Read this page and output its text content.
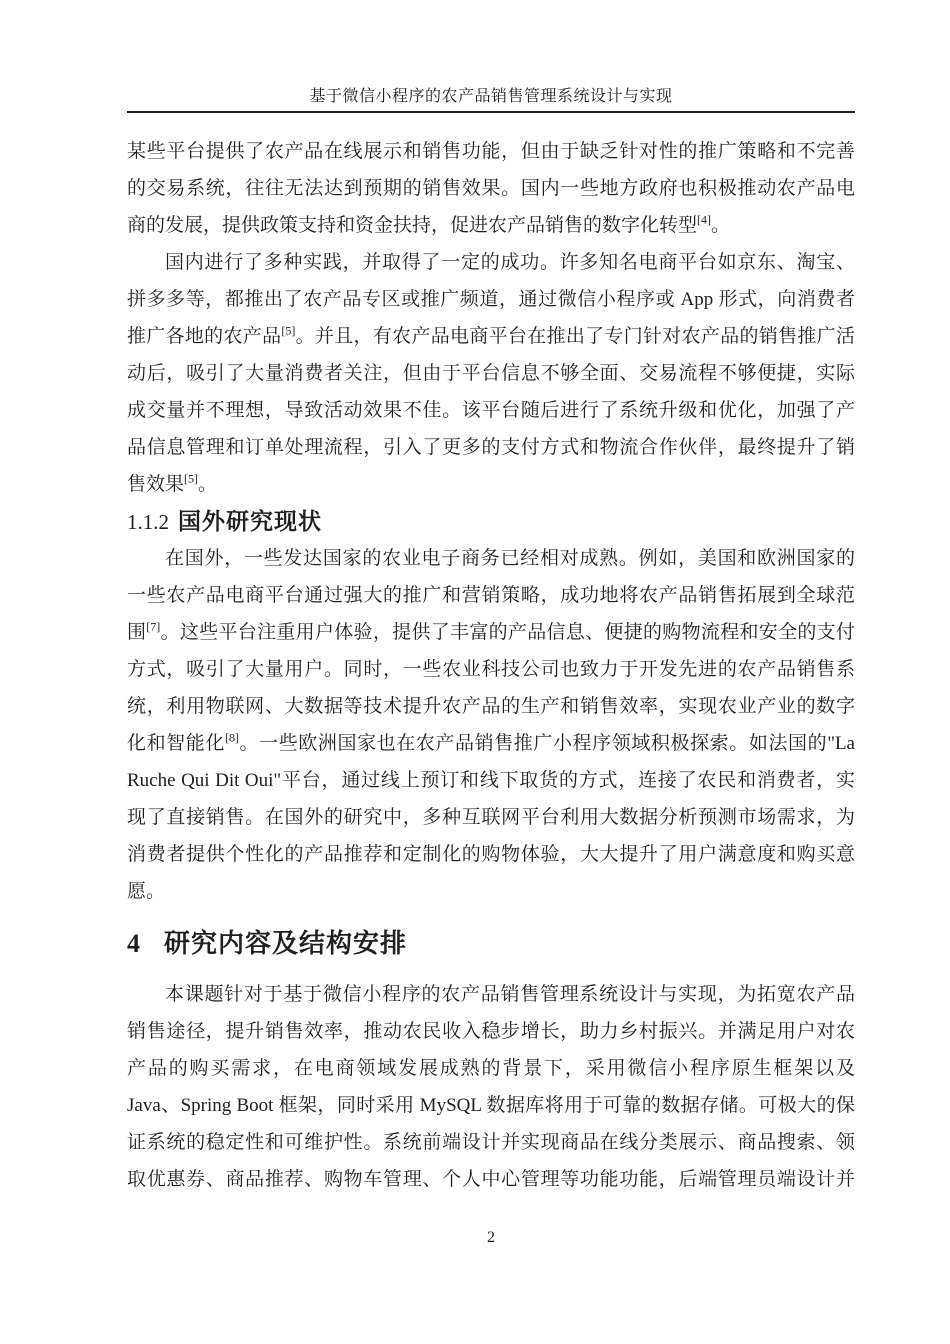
基于微信小程序的农产品销售管理系统设计与实现
某些平台提供了农产品在线展示和销售功能，但由于缺乏针对性的推广策略和不完善
的交易系统，往往无法达到预期的销售效果。国内一些地方政府也积极推动农产品电
商的发展，提供政策支持和资金扶持，促进农产品销售的数字化转型[4]。
国内进行了多种实践，并取得了一定的成功。许多知名电商平台如京东、淘宝、
拼多多等，都推出了农产品专区或推广频道，通过微信小程序或 App 形式，向消费者
推广各地的农产品[5]。并且，有农产品电商平台在推出了专门针对农产品的销售推广活
动后，吸引了大量消费者关注，但由于平台信息不够全面、交易流程不够便捷，实际
成交量并不理想，导致活动效果不佳。该平台随后进行了系统升级和优化，加强了产
品信息管理和订单处理流程，引入了更多的支付方式和物流合作伙伴，最终提升了销
售效果[5]。
1.1.2 国外研究现状
在国外，一些发达国家的农业电子商务已经相对成熟。例如，美国和欧洲国家的
一些农产品电商平台通过强大的推广和营销策略，成功地将农产品销售拓展到全球范
围[7]。这些平台注重用户体验，提供了丰富的产品信息、便捷的购物流程和安全的支付
方式，吸引了大量用户。同时，一些农业科技公司也致力于开发先进的农产品销售系
统，利用物联网、大数据等技术提升农产品的生产和销售效率，实现农业产业的数字
化和智能化[8]。一些欧洲国家也在农产品销售推广小程序领域积极探索。如法国的"La
Ruche Qui Dit Oui"平台，通过线上预订和线下取货的方式，连接了农民和消费者，实
现了直接销售。在国外的研究中，多种互联网平台利用大数据分析预测市场需求，为
消费者提供个性化的产品推荐和定制化的购物体验，大大提升了用户满意度和购买意
愿。
4 研究内容及结构安排
本课题针对于基于微信小程序的农产品销售管理系统设计与实现，为拓宽农产品
销售途径，提升销售效率，推动农民收入稳步增长，助力乡村振兴。并满足用户对农
产品的购买需求，在电商领域发展成熟的背景下，采用微信小程序原生框架以及
Java、Spring Boot 框架，同时采用 MySQL 数据库将用于可靠的数据存储。可极大的保
证系统的稳定性和可维护性。系统前端设计并实现商品在线分类展示、商品搜索、领
取优惠券、商品推荐、购物车管理、个人中心管理等功能功能，后端管理员端设计并
2
